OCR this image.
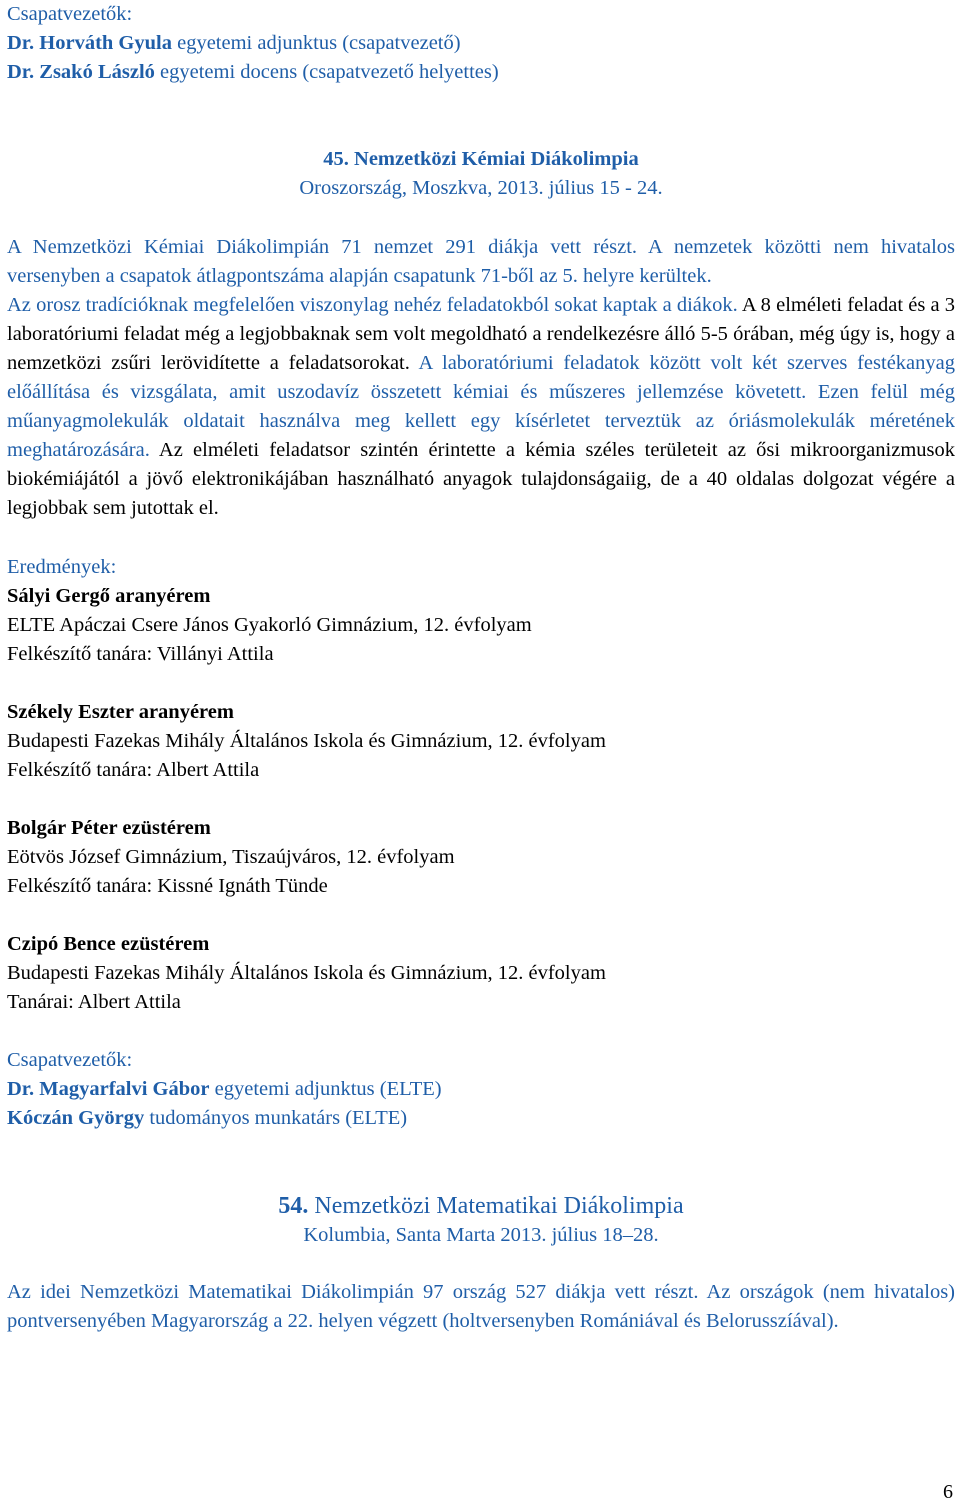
Csapatvezetők:

Dr. Horváth Gyula egyetemi adjunktus (csapatvezető)

Dr. Zsakó László egyetemi docens (csapatvezető helyettes)

45. Nemzetközi Kémiai Diákolimpia

Oroszország, Moszkva, 2013. július 15 - 24.

A Nemzetközi Kémiai Diákolimpián 71 nemzet 291 diákja vett részt. A nemzetek közötti nem hivatalos versenyben a csapatok átlagpontszáma alapján csapatunk 71-ből az 5. helyre kerültek.

Az orosz tradícióknak megfelelően viszonylag nehéz feladatokból sokat kaptak a diákok. A 8 elméleti feladat és a 3 laboratóriumi feladat még a legjobbaknak sem volt megoldható a rendelkezésre álló 5-5 órában, még úgy is, hogy a nemzetközi zsűri lerövidítette a feladatsorokat. A laboratóriumi feladatok között volt két szerves festékanyag előállítása és vizsgálata, amit uszodavíz összetett kémiai és műszeres jellemzése követett. Ezen felül még műanyagmolekulák oldatait használva meg kellett egy kísérletet terveztük az óriásmolekulák méretének meghatározására. Az elméleti feladatsor szintén érintette a kémia széles területeit az ősi mikroorganizmusok biokémiájától a jövő elektronikájában használható anyagok tulajdonságaiig, de a 40 oldalas dolgozat végére a legjobbak sem jutottak el.

Eredmények:

Sályi Gergő aranyérem

ELTE Apáczai Csere János Gyakorló Gimnázium, 12. évfolyam

Felkészítő tanára: Villányi Attila

Székely Eszter aranyérem

Budapesti Fazekas Mihály Általános Iskola és Gimnázium, 12. évfolyam

Felkészítő tanára: Albert Attila

Bolgár Péter ezüstérem

Eötvös József Gimnázium, Tiszaújváros, 12. évfolyam

Felkészítő tanára: Kissné Ignáth Tünde

Czipó Bence ezüstérem

Budapesti Fazekas Mihály Általános Iskola és Gimnázium, 12. évfolyam

Tanárai: Albert Attila

Csapatvezetők:

Dr. Magyarfalvi Gábor egyetemi adjunktus (ELTE)

Kóczán György tudományos munkatárs (ELTE)

54. Nemzetközi Matematikai Diákolimpia

Kolumbia, Santa Marta 2013. július 18–28.

Az idei Nemzetközi Matematikai Diákolimpián 97 ország 527 diákja vett részt. Az országok (nem hivatalos) pontversenyében Magyarország a 22. helyen végzett (holtversenyben Romániával és Belorusszíával).

6
